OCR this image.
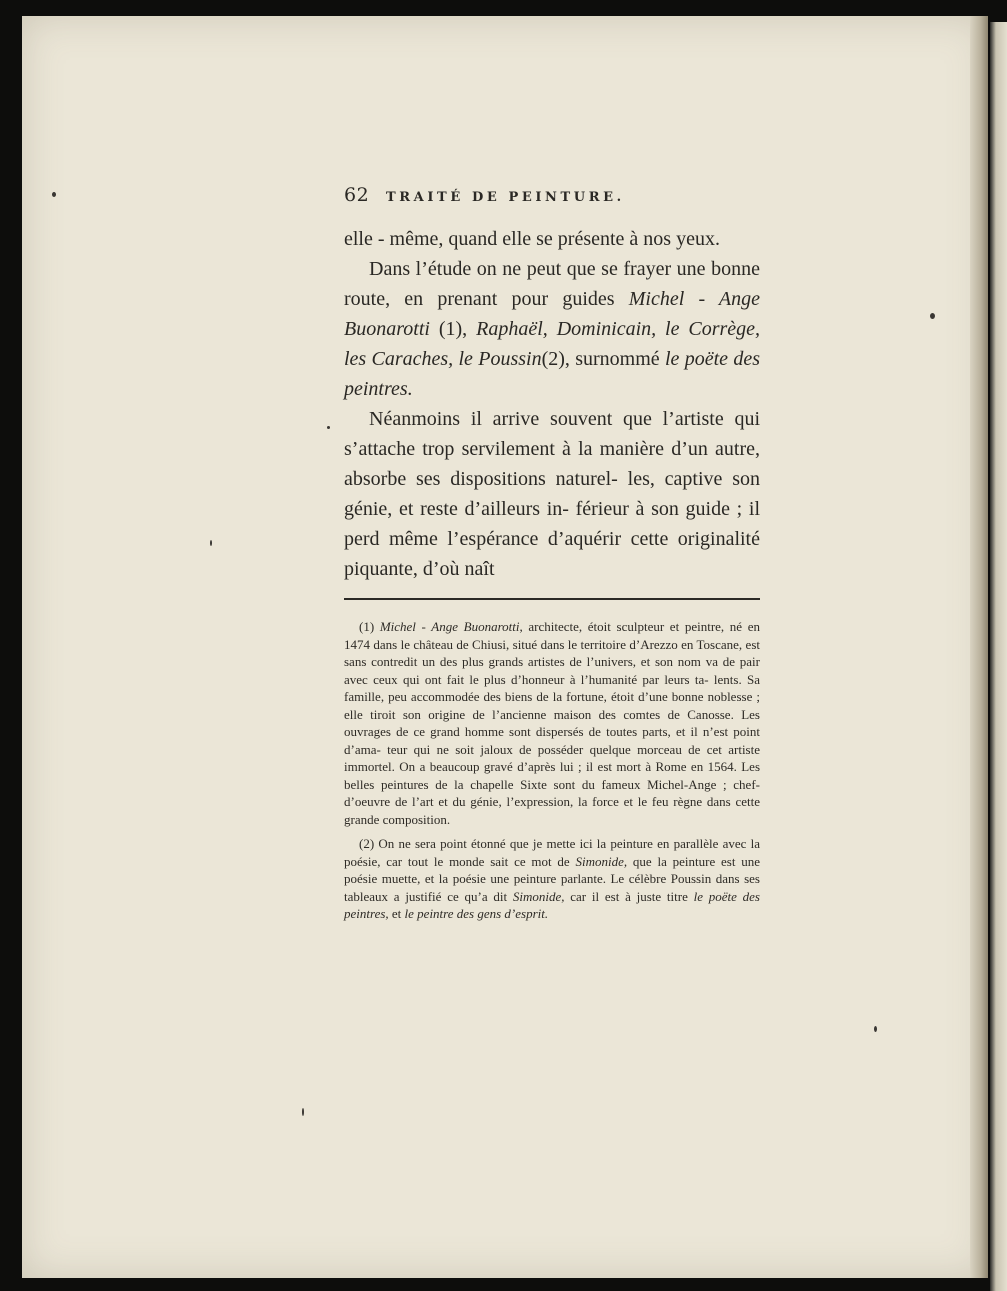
62	TRAITÉ DE PEINTURE.

elle - même, quand elle se présente à nos yeux.

Dans l’étude on ne peut que se frayer une bonne route, en prenant pour guides Michel - Ange Buonarotti (1), Raphaël, Dominicain, le Corrège, les Caraches, le Poussin(2), surnommé le poëte des peintres.

Néanmoins il arrive souvent que l’artiste qui s’attache trop servilement à la manière d’un autre, absorbe ses dispositions naturel- les, captive son génie, et reste d’ailleurs in- férieur à son guide ; il perd même l’espérance d’aquérir cette originalité piquante, d’où naît

(1) Michel - Ange Buonarotti, architecte, étoit sculpteur et peintre, né en 1474 dans le château de Chiusi, situé dans le territoire d’Arezzo en Toscane, est sans contredit un des plus grands artistes de l’univers, et son nom va de pair avec ceux qui ont fait le plus d’honneur à l’humanité par leurs ta- lents. Sa famille, peu accommodée des biens de la fortune, étoit d’une bonne noblesse ; elle tiroit son origine de l’ancienne maison des comtes de Canosse. Les ouvrages de ce grand homme sont dispersés de toutes parts, et il n’est point d’ama- teur qui ne soit jaloux de posséder quelque morceau de cet artiste immortel. On a beaucoup gravé d’après lui ; il est mort à Rome en 1564. Les belles peintures de la chapelle Sixte sont du fameux Michel-Ange ; chef-d’oeuvre de l’art et du génie, l’expression, la force et le feu règne dans cette grande composition.

(2) On ne sera point étonné que je mette ici la peinture en parallèle avec la poésie, car tout le monde sait ce mot de Simonide, que la peinture est une poésie muette, et la poésie une peinture parlante. Le célèbre Poussin dans ses tableaux a justifié ce qu’a dit Simonide, car il est à juste titre le poëte des peintres, et le peintre des gens d’esprit.
